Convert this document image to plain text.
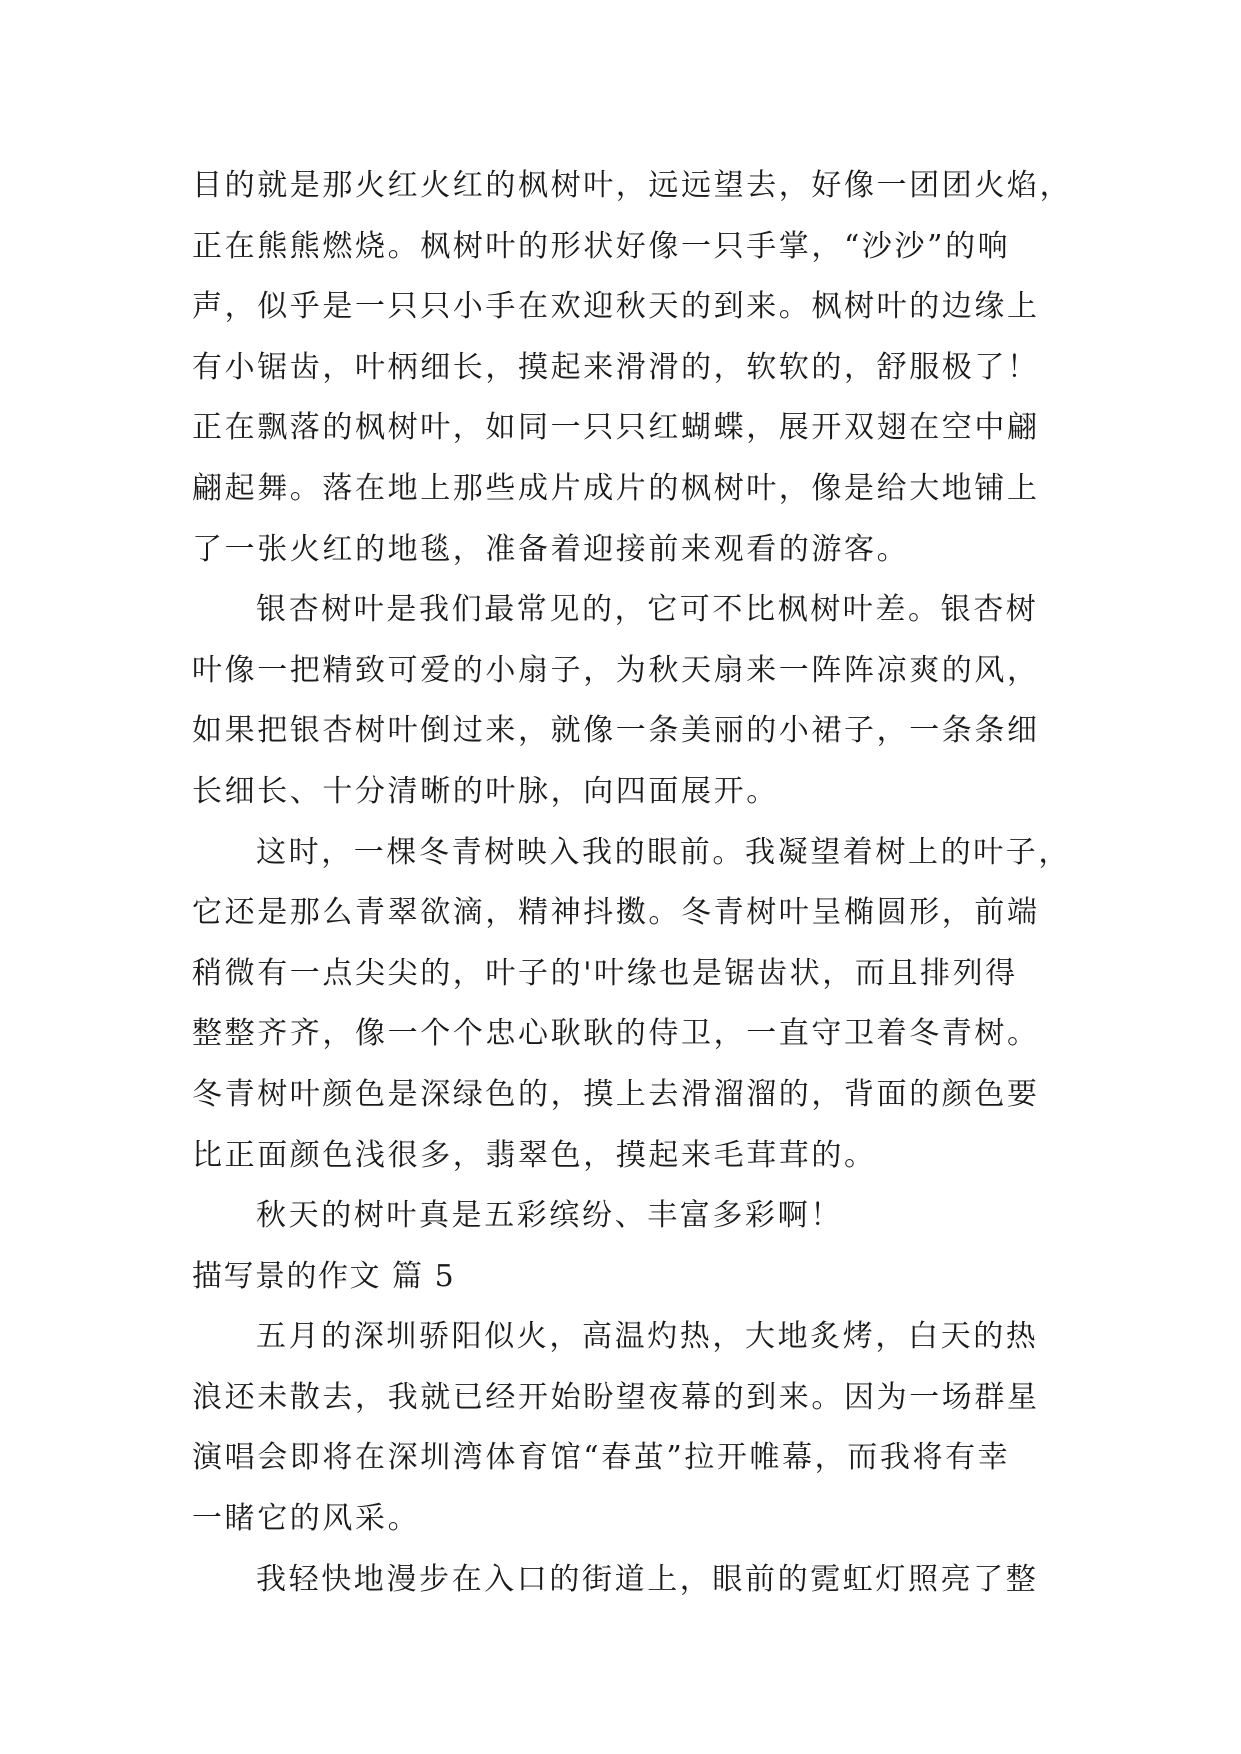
目的就是那火红火红的枫树叶，远远望去，好像一团团火焰，
正在熊熊燃烧。枫树叶的形状好像一只手掌，“沙沙”的响
声，似乎是一只只小手在欢迎秋天的到来。枫树叶的边缘上
有小锯齿，叶柄细长，摸起来滑滑的，软软的，舒服极了！
正在飘落的枫树叶，如同一只只红蝴蝶，展开双翅在空中翩
翩起舞。落在地上那些成片成片的枫树叶，像是给大地铺上
了一张火红的地毯，准备着迎接前来观看的游客。
银杏树叶是我们最常见的，它可不比枫树叶差。银杏树
叶像一把精致可爱的小扇子，为秋天扇来一阵阵凉爽的风，
如果把银杏树叶倒过来，就像一条美丽的小裙子，一条条细
长细长、十分清晰的叶脉，向四面展开。
这时，一棵冬青树映入我的眼前。我凝望着树上的叶子，
它还是那么青翠欲滴，精神抖擞。冬青树叶呈椭圆形，前端
稍微有一点尖尖的，叶子的'叶缘也是锯齿状，而且排列得
整整齐齐，像一个个忠心耿耿的侍卫，一直守卫着冬青树。
冬青树叶颜色是深绿色的，摸上去滑溜溜的，背面的颜色要
比正面颜色浅很多，翡翠色，摸起来毛茸茸的。
秋天的树叶真是五彩缤纷、丰富多彩啊！
描写景的作文 篇 5
五月的深圳骄阳似火，高温灼热，大地炙烤，白天的热
浪还未散去，我就已经开始盼望夜幕的到来。因为一场群星
演唱会即将在深圳湾体育馆“春茧”拉开帷幕，而我将有幸
一睹它的风采。
我轻快地漫步在入口的街道上，眼前的霓虹灯照亮了整
